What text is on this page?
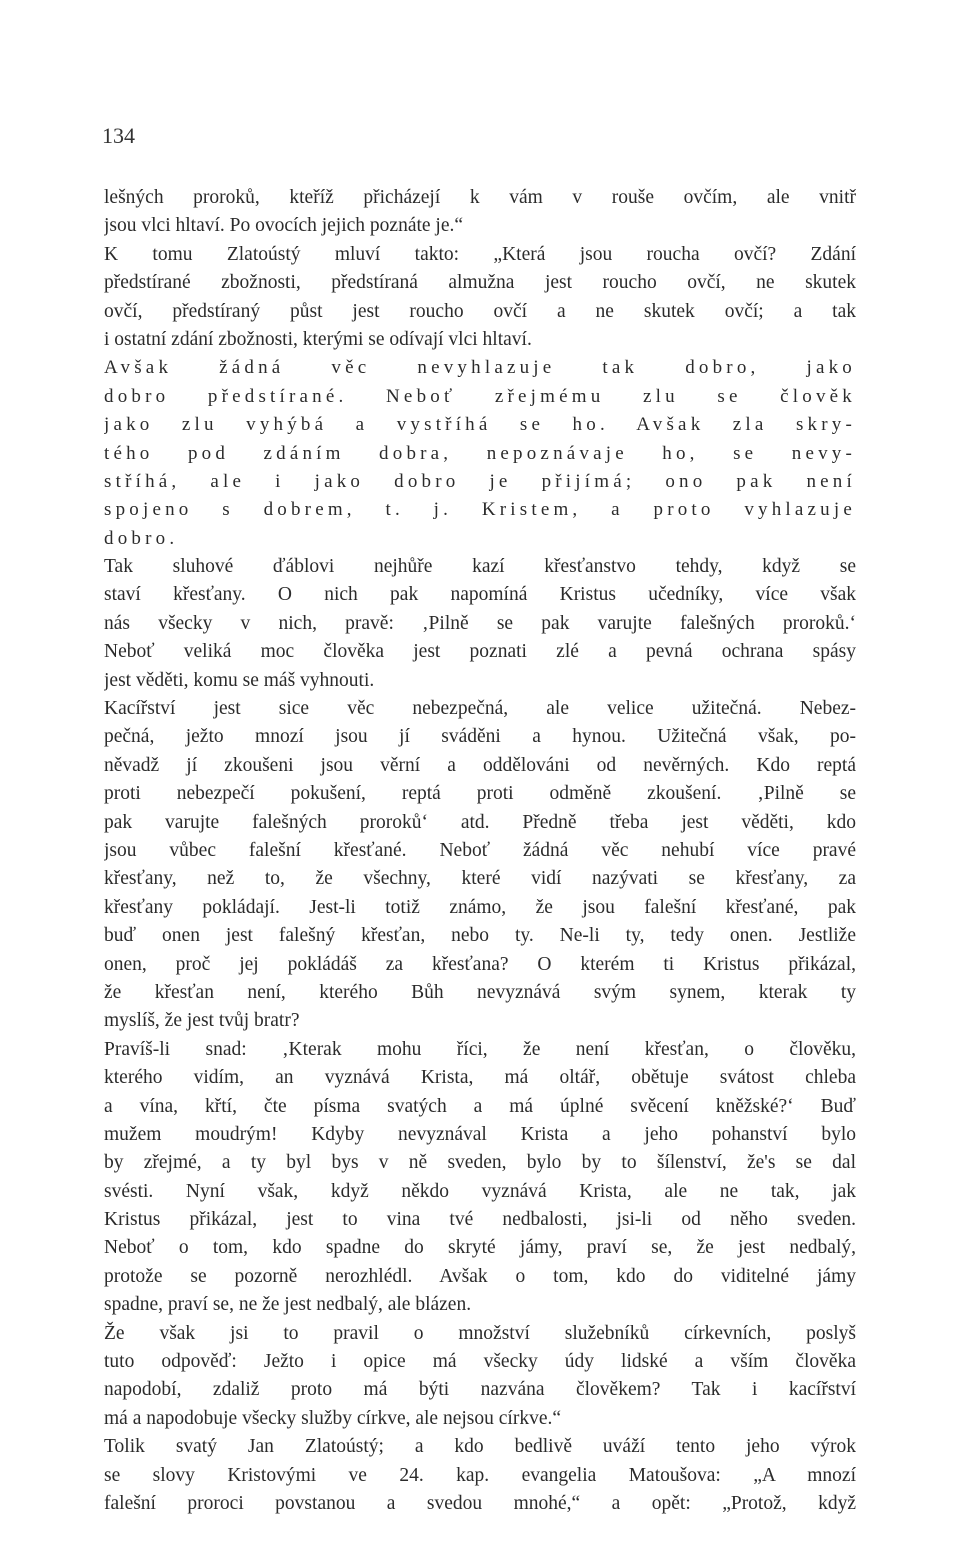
134
lešných proroků, kteříž přicházejí k vám v rouše ovčím, ale vnitř
jsou vlci hltaví. Po ovocích jejich poznáte je.“
K tomu Zlatoústý mluví takto: „Která jsou roucha ovčí? Zdání
předstírané zbožnosti, předstíraná almužna jest roucho ovčí, ne skutek
ovčí, předstíraný půst jest roucho ovčí a ne skutek ovčí; a tak
i ostatní zdání zbožnosti, kterými se odívají vlci hltaví.
Avšak žádná věc nevyhlazuje tak dobro, jako
dobro předstírané. Neboť zřejmému zlu se člověk
jako zlu vyhýbá a vystříhá se ho. Avšak zla skry-
tého pod zdáním dobra, nepoznávaje ho, se nevy-
stříhá, ale i jako dobro je přijímá; ono pak není
spojeno s dobrem, t. j. Kristem, a proto vyhlazuje
dobro.
Tak sluhové ďáblovi nejhůře kazí křesťanstvo tehdy, když se
staví křesťany. O nich pak napomíná Kristus učedníky, více však
nás všecky v nich, pravě: ‚Pilně se pak varujte falešných proroků.‘
Neboť veliká moc člověka jest poznati zlé a pevná ochrana spásy
jest věděti, komu se máš vyhnouti.
Kacířství jest sice věc nebezpečná, ale velice užitečná. Nebez-
pečná, ježto mnozí jsou jí sváděni a hynou. Užitečná však, po-
něvadž jí zkoušeni jsou věrní a oddělováni od nevěrných. Kdo reptá
proti nebezpečí pokušení, reptá proti odměně zkoušení. ‚Pilně se
pak varujte falešných proroků‘ atd. Předně třeba jest věděti, kdo
jsou vůbec falešní křesťané. Neboť žádná věc nehubí více pravé
křesťany, než to, že všechny, které vidí nazývati se křesťany, za
křesťany pokládají. Jest-li totiž známo, že jsou falešní křesťané, pak
buď onen jest falešný křesťan, nebo ty. Ne-li ty, tedy onen. Jestliže
onen, proč jej pokládáš za křesťana? O kterém ti Kristus přikázal,
že křesťan není, kterého Bůh nevyznává svým synem, kterak ty
myslíš, že jest tvůj bratr?
Pravíš-li snad: ‚Kterak mohu říci, že není křesťan, o člověku,
kterého vidím, an vyznává Krista, má oltář, obětuje svátost chleba
a vína, křtí, čte písma svatých a má úplné svěcení kněžské?‘ Buď
mužem moudrým! Kdyby nevyznával Krista a jeho pohanství bylo
by zřejmé, a ty byl bys v ně sveden, bylo by to šílenství, že's se dal
svésti. Nyní však, když někdo vyznává Krista, ale ne tak, jak
Kristus přikázal, jest to vina tvé nedbalosti, jsi-li od něho sveden.
Neboť o tom, kdo spadne do skryté jámy, praví se, že jest nedbalý,
protože se pozorně nerozhlédl. Avšak o tom, kdo do viditelné jámy
spadne, praví se, ne že jest nedbalý, ale blázen.
Že však jsi to pravil o množství služebníků církevních, poslyš
tuto odpověď: Ježto i opice má všecky údy lidské a vším člověka
napodobí, zdaliž proto má býti nazvána člověkem? Tak i kacířství
má a napodobuje všecky služby církve, ale nejsou církve.“
Tolik svatý Jan Zlatoústý; a kdo bedlivě uváží tento jeho výrok
se slovy Kristovými ve 24. kap. evangelia Matoušova: „A mnozí
falešní proroci povstanou a svedou mnohé,“ a opět: „Protož, když
